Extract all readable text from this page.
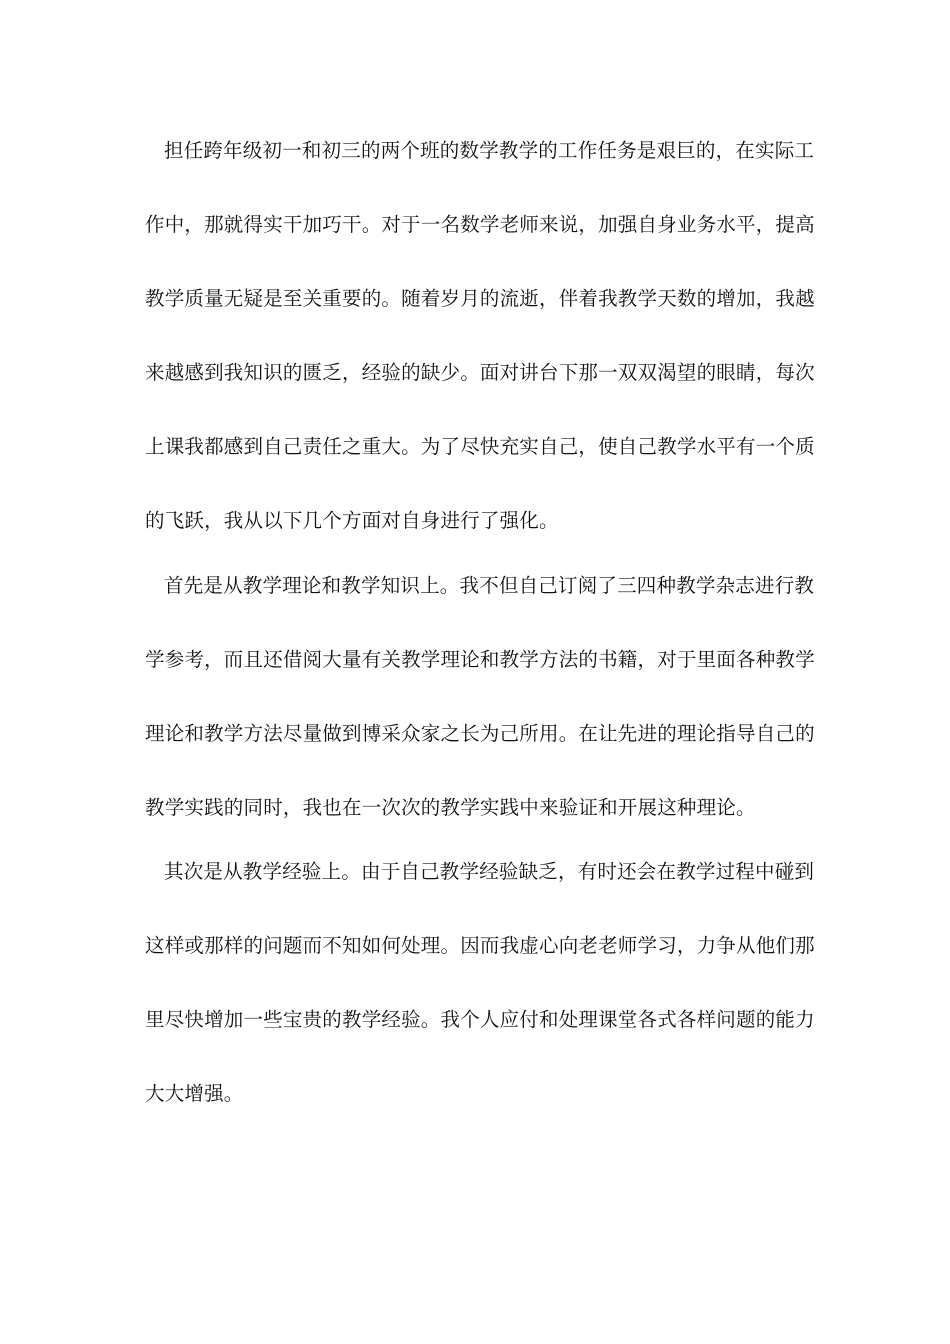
担任跨年级初一和初三的两个班的数学教学的工作任务是艰巨的，在实际工
作中，那就得实干加巧干。对于一名数学老师来说，加强自身业务水平，提高
教学质量无疑是至关重要的。随着岁月的流逝，伴着我教学天数的增加，我越
来越感到我知识的匮乏，经验的缺少。面对讲台下那一双双渴望的眼睛，每次
上课我都感到自己责任之重大。为了尽快充实自己，使自己教学水平有一个质
的飞跃，我从以下几个方面对自身进行了强化。
首先是从教学理论和教学知识上。我不但自己订阅了三四种教学杂志进行教
学参考，而且还借阅大量有关教学理论和教学方法的书籍，对于里面各种教学
理论和教学方法尽量做到博采众家之长为己所用。在让先进的理论指导自己的
教学实践的同时，我也在一次次的教学实践中来验证和开展这种理论。
其次是从教学经验上。由于自己教学经验缺乏，有时还会在教学过程中碰到
这样或那样的问题而不知如何处理。因而我虚心向老老师学习，力争从他们那
里尽快增加一些宝贵的教学经验。我个人应付和处理课堂各式各样问题的能力
大大增强。
